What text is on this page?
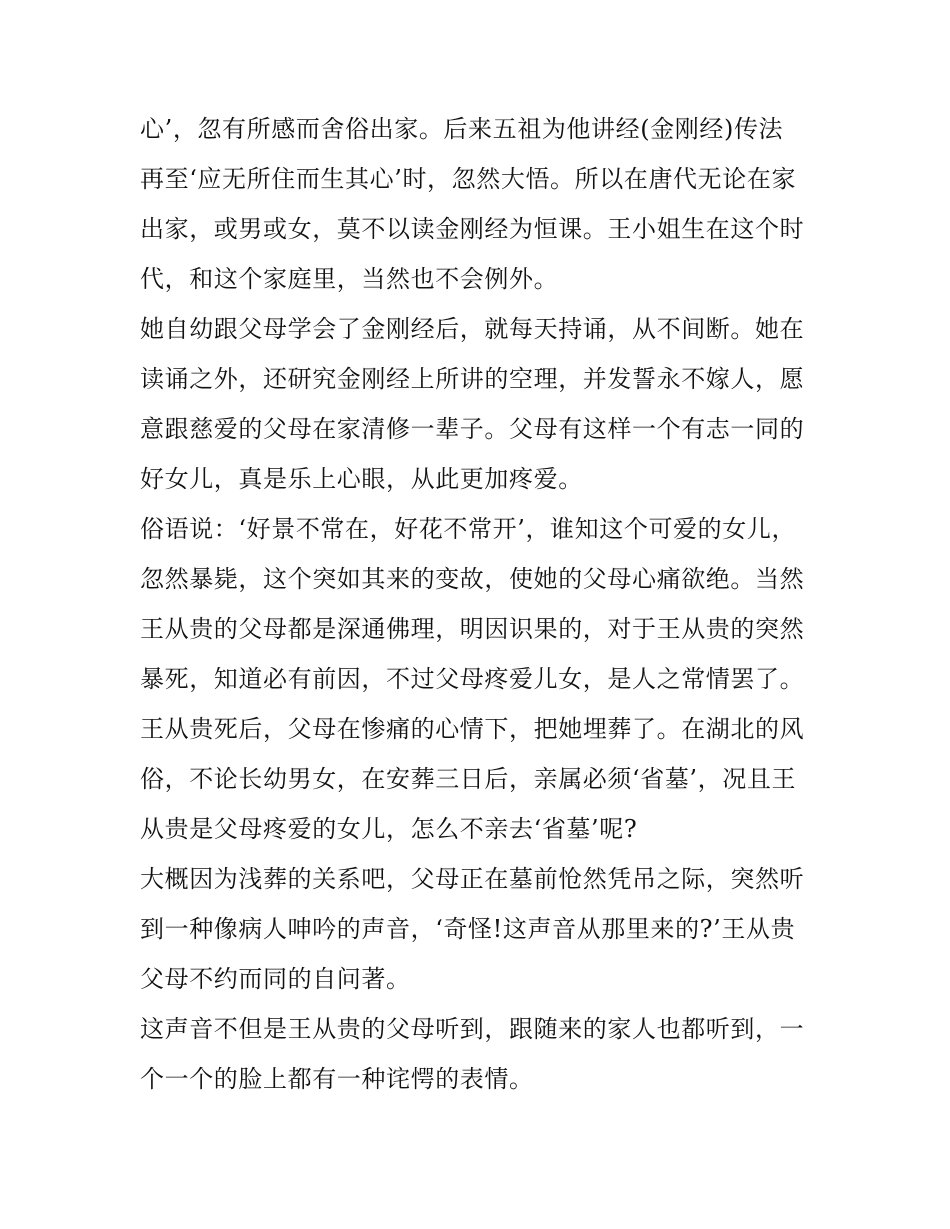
心’，忽有所感而舍俗出家。后来五祖为他讲经(金刚经)传法
再至‘应无所住而生其心’时，忽然大悟。所以在唐代无论在家
出家，或男或女，莫不以读金刚经为恒课。王小姐生在这个时
代，和这个家庭里，当然也不会例外。
她自幼跟父母学会了金刚经后，就每天持诵，从不间断。她在
读诵之外，还研究金刚经上所讲的空理，并发誓永不嫁人，愿
意跟慈爱的父母在家清修一辈子。父母有这样一个有志一同的
好女儿，真是乐上心眼，从此更加疼爱。
俗语说：‘好景不常在，好花不常开’，谁知这个可爱的女儿，
忽然暴毙，这个突如其来的变故，使她的父母心痛欲绝。当然
王从贵的父母都是深通佛理，明因识果的，对于王从贵的突然
暴死，知道必有前因，不过父母疼爱儿女，是人之常情罢了。
王从贵死后，父母在惨痛的心情下，把她埋葬了。在湖北的风
俗，不论长幼男女，在安葬三日后，亲属必须‘省墓’，况且王
从贵是父母疼爱的女儿，怎么不亲去‘省墓’呢?
大概因为浅葬的关系吧，父母正在墓前怆然凭吊之际，突然听
到一种像病人呻吟的声音，‘奇怪!这声音从那里来的?’王从贵
父母不约而同的自问著。
这声音不但是王从贵的父母听到，跟随来的家人也都听到，一
个一个的脸上都有一种诧愕的表情。
